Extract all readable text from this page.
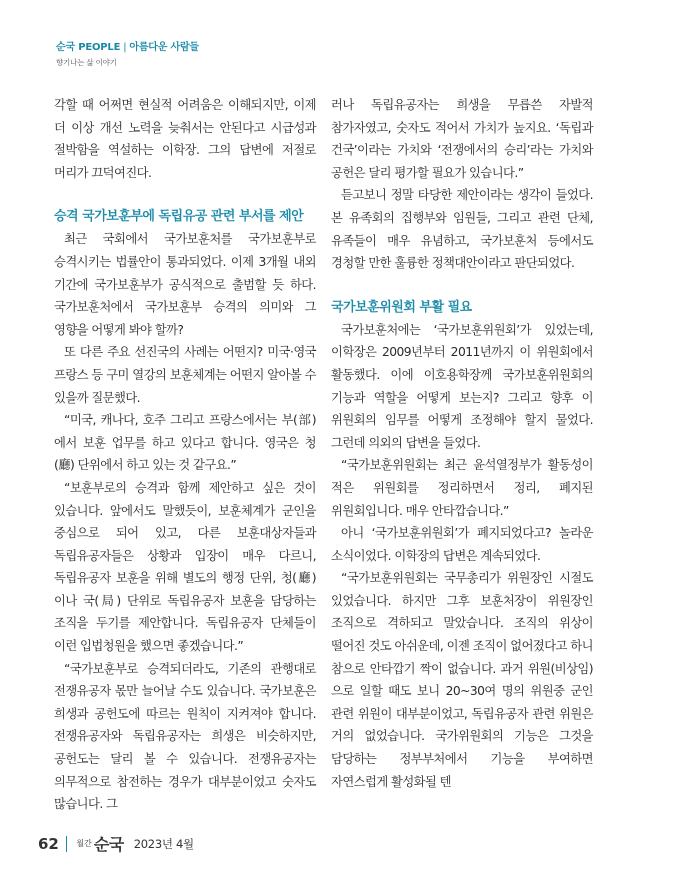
순국 PEOPLE | 아름다운 사람들
향기나는 삶 이야기

각할 때 어쩌면 현실적 어려움은 이해되지만, 이제 더 이상 개선 노력을 늦춰서는 안된다고 시급성과 절박함을 역설하는 이학장. 그의 답변에 저절로 머리가 끄덕여진다.

승격 국가보훈부에 독립유공 관련 부서를 제안

최근 국회에서 국가보훈처를 국가보훈부로 승격시키는 법률안이 통과되었다. 이제 3개월 내외 기간에 국가보훈부가 공식적으로 출범할 듯 하다. 국가보훈처에서 국가보훈부 승격의 의미와 그 영향을 어떻게 봐야 할까?

또 다른 주요 선진국의 사례는 어떤지? 미국·영국 프랑스 등 구미 열강의 보훈체계는 어떤지 알아볼 수 있을까 질문했다.

“미국, 캐나다, 호주 그리고 프랑스에서는 부(部)에서 보훈 업무를 하고 있다고 합니다. 영국은 청(廳) 단위에서 하고 있는 것 같구요.”

“보훈부로의 승격과 함께 제안하고 싶은 것이 있습니다. 앞에서도 말했듯이, 보훈체계가 군인을 중심으로 되어 있고, 다른 보훈대상자들과 독립유공자들은 상황과 입장이 매우 다르니, 독립유공자 보훈을 위해 별도의 행정 단위, 청(廳)이나 국(局) 단위로 독립유공자 보훈을 담당하는 조직을 두기를 제안합니다. 독립유공자 단체들이 이런 입법청원을 했으면 좋겠습니다.”

“국가보훈부로 승격되더라도, 기존의 관행대로 전쟁유공자 몫만 늘어날 수도 있습니다. 국가보훈은 희생과 공헌도에 따르는 원칙이 지켜져야 합니다. 전쟁유공자와 독립유공자는 희생은 비슷하지만, 공헌도는 달리 볼 수 있습니다. 전쟁유공자는 의무적으로 참전하는 경우가 대부분이었고 숫자도 많습니다. 그

러나 독립유공자는 희생을 무릅쓴 자발적 참가자였고, 숫자도 적어서 가치가 높지요. ‘독립과 건국’이라는 가치와 ‘전쟁에서의 승리’라는 가치와 공헌은 달리 평가할 필요가 있습니다.”

듣고보니 정말 타당한 제안이라는 생각이 들었다. 본 유족회의 집행부와 임원들, 그리고 관련 단체, 유족들이 매우 유념하고, 국가보훈처 등에서도 경청할 만한 훌륭한 정책대안이라고 판단되었다.

국가보훈위원회 부활 필요

국가보훈처에는 ‘국가보훈위원회’가 있었는데, 이학장은 2009년부터 2011년까지 이 위원회에서 활동했다. 이에 이호용학장께 국가보훈위원회의 기능과 역할을 어떻게 보는지? 그리고 향후 이 위원회의 임무를 어떻게 조정해야 할지 물었다. 그런데 의외의 답변을 들었다.

“국가보훈위원회는 최근 윤석열정부가 활동성이 적은 위원회를 정리하면서 정리, 폐지된 위원회입니다. 매우 안타깝습니다.”

아니 ‘국가보훈위원회’가 폐지되었다고? 놀라운 소식이었다. 이학장의 답변은 계속되었다.

“국가보훈위원회는 국무총리가 위원장인 시절도 있었습니다. 하지만 그후 보훈처장이 위원장인 조직으로 격하되고 말았습니다. 조직의 위상이 떨어진 것도 아쉬운데, 이젠 조직이 없어졌다고 하니 참으로 안타깝기 짝이 없습니다. 과거 위원(비상임)으로 일할 때도 보니 20~30여 명의 위원중 군인 관련 위원이 대부분이었고, 독립유공자 관련 위원은 거의 없었습니다. 국가위원회의 기능은 그것을 담당하는 정부부처에서 기능을 부여하면 자연스럽게 활성화될 텐

62 월간 순국 2023년 4월
